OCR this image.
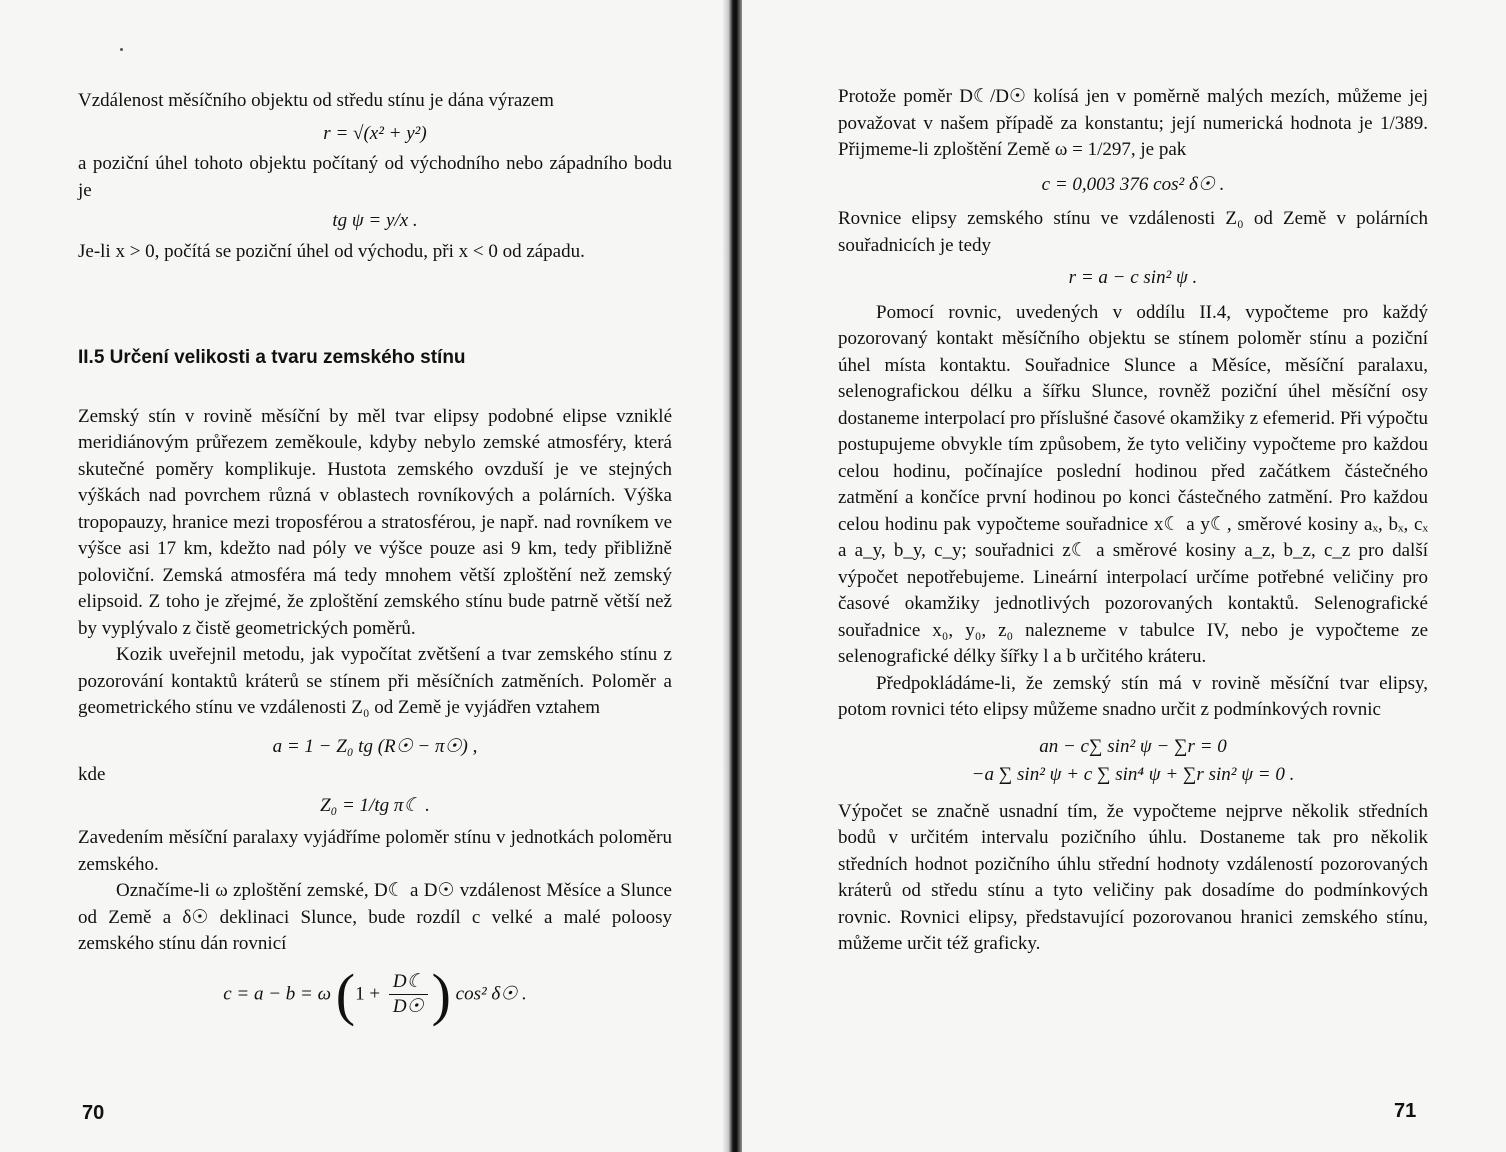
Vzdálenost měsíčního objektu od středu stínu je dána výrazem

r = √(x² + y²)

a poziční úhel tohoto objektu počítaný od východního nebo západního bodu je

tg ψ = y/x .

Je-li x > 0, počítá se poziční úhel od východu, při x < 0 od západu.

II.5 Určení velikosti a tvaru zemského stínu

Zemský stín v rovině měsíční by měl tvar elipsy podobné elipse vzniklé meridiánovým průřezem zeměkoule, kdyby nebylo zemské atmosféry, která skutečné poměry komplikuje. Hustota zemského ovzduší je ve stejných výškách nad povrchem různá v oblastech rovníkových a polárních. Výška tropopauzy, hranice mezi troposférou a stratosférou, je např. nad rovníkem ve výšce asi 17 km, kdežto nad póly ve výšce pouze asi 9 km, tedy přibližně poloviční. Zemská atmosféra má tedy mnohem větší zploštění než zemský elipsoid. Z toho je zřejmé, že zploštění zemského stínu bude patrně větší než by vyplývalo z čistě geometrických poměrů.

Kozik uveřejnil metodu, jak vypočítat zvětšení a tvar zemského stínu z pozorování kontaktů kráterů se stínem při měsíčních zatměních. Poloměr a geometrického stínu ve vzdálenosti Z₀ od Země je vyjádřen vztahem

a = 1 − Z₀ tg (R☉ − π☉) ,

kde

Z₀ = 1/tg π☾ .

Zavedením měsíční paralaxy vyjádříme poloměr stínu v jednotkách poloměru zemského.

Označíme-li ω zploštění zemské, D☾ a D☉ vzdálenost Měsíce a Slunce od Země a δ☉ deklinaci Slunce, bude rozdíl c velké a malé poloosy zemského stínu dán rovnicí

c = a − b = ω ($1 + \frac{D☾}{D☉}$ ) cos² δ☉ .

70

Protože poměr D☾/D☉ kolísá jen v poměrně malých mezích, můžeme jej považovat v našem případě za konstantu; její numerická hodnota je 1/389. Přijmeme-li zploštění Země ω = 1/297, je pak

c = 0,003 376 cos² δ☉ .

Rovnice elipsy zemského stínu ve vzdálenosti Z₀ od Země v polárních souřadnicích je tedy

r = a − c sin² ψ .

Pomocí rovnic, uvedených v oddílu II.4, vypočteme pro každý pozorovaný kontakt měsíčního objektu se stínem poloměr stínu a poziční úhel místa kontaktu. Souřadnice Slunce a Měsíce, měsíční paralaxu, selenografickou délku a šířku Slunce, rovněž poziční úhel měsíční osy dostaneme interpolací pro příslušné časové okamžiky z efemerid. Při výpočtu postupujeme obvykle tím způsobem, že tyto veličiny vypočteme pro každou celou hodinu, počínajíce poslední hodinou před začátkem částečného zatmění a končíce první hodinou po konci částečného zatmění. Pro každou celou hodinu pak vypočteme souřadnice x☾ a y☾, směrové kosiny aₓ, bₓ, cₓ a a_y, b_y, c_y; souřadnici z☾ a směrové kosiny a_z, b_z, c_z pro další výpočet nepotřebujeme. Lineární interpolací určíme potřebné veličiny pro časové okamžiky jednotlivých pozorovaných kontaktů. Selenografické souřadnice x₀, y₀, z₀ nalezneme v tabulce IV, nebo je vypočteme ze selenografické délky šířky l a b určitého kráteru.

Předpokládáme-li, že zemský stín má v rovině měsíční tvar elipsy, potom rovnici této elipsy můžeme snadno určit z podmínkových rovnic

an − c∑ sin² ψ − ∑r = 0

−a ∑ sin² ψ + c ∑ sin⁴ ψ + ∑r sin² ψ = 0 .

Výpočet se značně usnadní tím, že vypočteme nejprve několik středních bodů v určitém intervalu pozičního úhlu. Dostaneme tak pro několik středních hodnot pozičního úhlu střední hodnoty vzdáleností pozorovaných kráterů od středu stínu a tyto veličiny pak dosadíme do podmínkových rovnic. Rovnici elipsy, představující pozorovanou hranici zemského stínu, můžeme určit též graficky.

71
